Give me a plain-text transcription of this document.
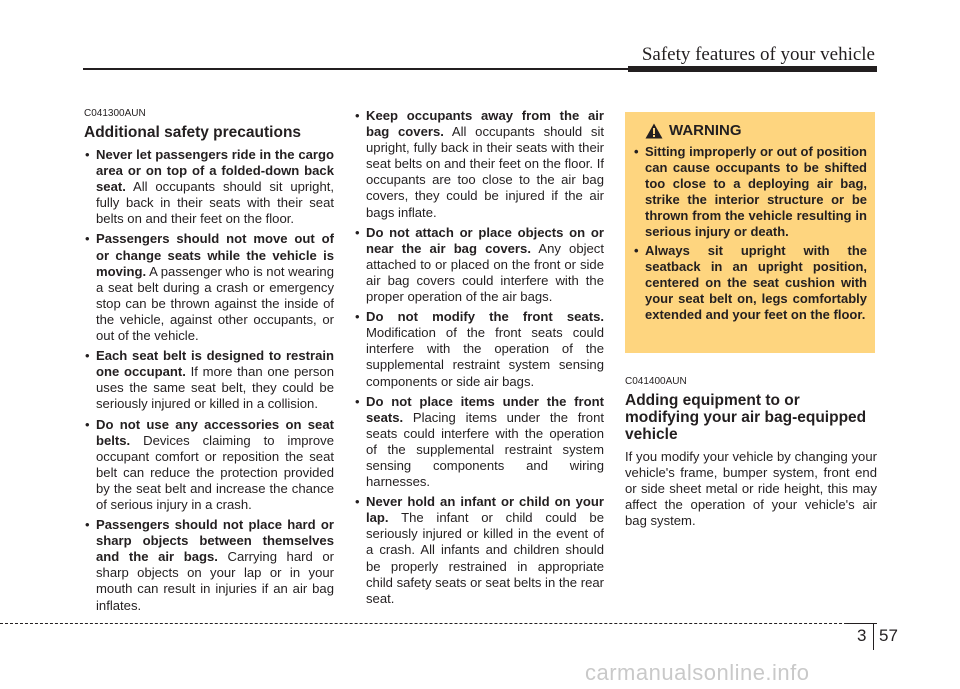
Safety features of your vehicle

C041300AUN

Additional safety precautions

• Never let passengers ride in the cargo area or on top of a folded-down back seat. All occupants should sit upright, fully back in their seats with their seat belts on and their feet on the floor.
• Passengers should not move out of or change seats while the vehicle is moving. A passenger who is not wearing a seat belt during a crash or emergency stop can be thrown against the inside of the vehicle, against other occupants, or out of the vehicle.
• Each seat belt is designed to restrain one occupant. If more than one person uses the same seat belt, they could be seriously injured or killed in a collision.
• Do not use any accessories on seat belts. Devices claiming to improve occupant comfort or reposition the seat belt can reduce the protection provided by the seat belt and increase the chance of serious injury in a crash.
• Passengers should not place hard or sharp objects between themselves and the air bags. Carrying hard or sharp objects on your lap or in your mouth can result in injuries if an air bag inflates.
• Keep occupants away from the air bag covers. All occupants should sit upright, fully back in their seats with their seat belts on and their feet on the floor. If occupants are too close to the air bag covers, they could be injured if the air bags inflate.
• Do not attach or place objects on or near the air bag covers. Any object attached to or placed on the front or side air bag covers could interfere with the proper operation of the air bags.
• Do not modify the front seats. Modification of the front seats could interfere with the operation of the supplemental restraint system sensing components or side air bags.
• Do not place items under the front seats. Placing items under the front seats could interfere with the operation of the supplemental restraint system sensing components and wiring harnesses.
• Never hold an infant or child on your lap. The infant or child could be seriously injured or killed in the event of a crash. All infants and children should be properly restrained in appropriate child safety seats or seat belts in the rear seat.
WARNING
• Sitting improperly or out of position can cause occupants to be shifted too close to a deploying air bag, strike the interior structure or be thrown from the vehicle resulting in serious injury or death.
• Always sit upright with the seatback in an upright position, centered on the seat cushion with your seat belt on, legs comfortably extended and your feet on the floor.

C041400AUN

Adding equipment to or modifying your air bag-equipped vehicle

If you modify your vehicle by changing your vehicle's frame, bumper system, front end or side sheet metal or ride height, this may affect the operation of your vehicle's air bag system.

3 57
carmanualsonline.info
